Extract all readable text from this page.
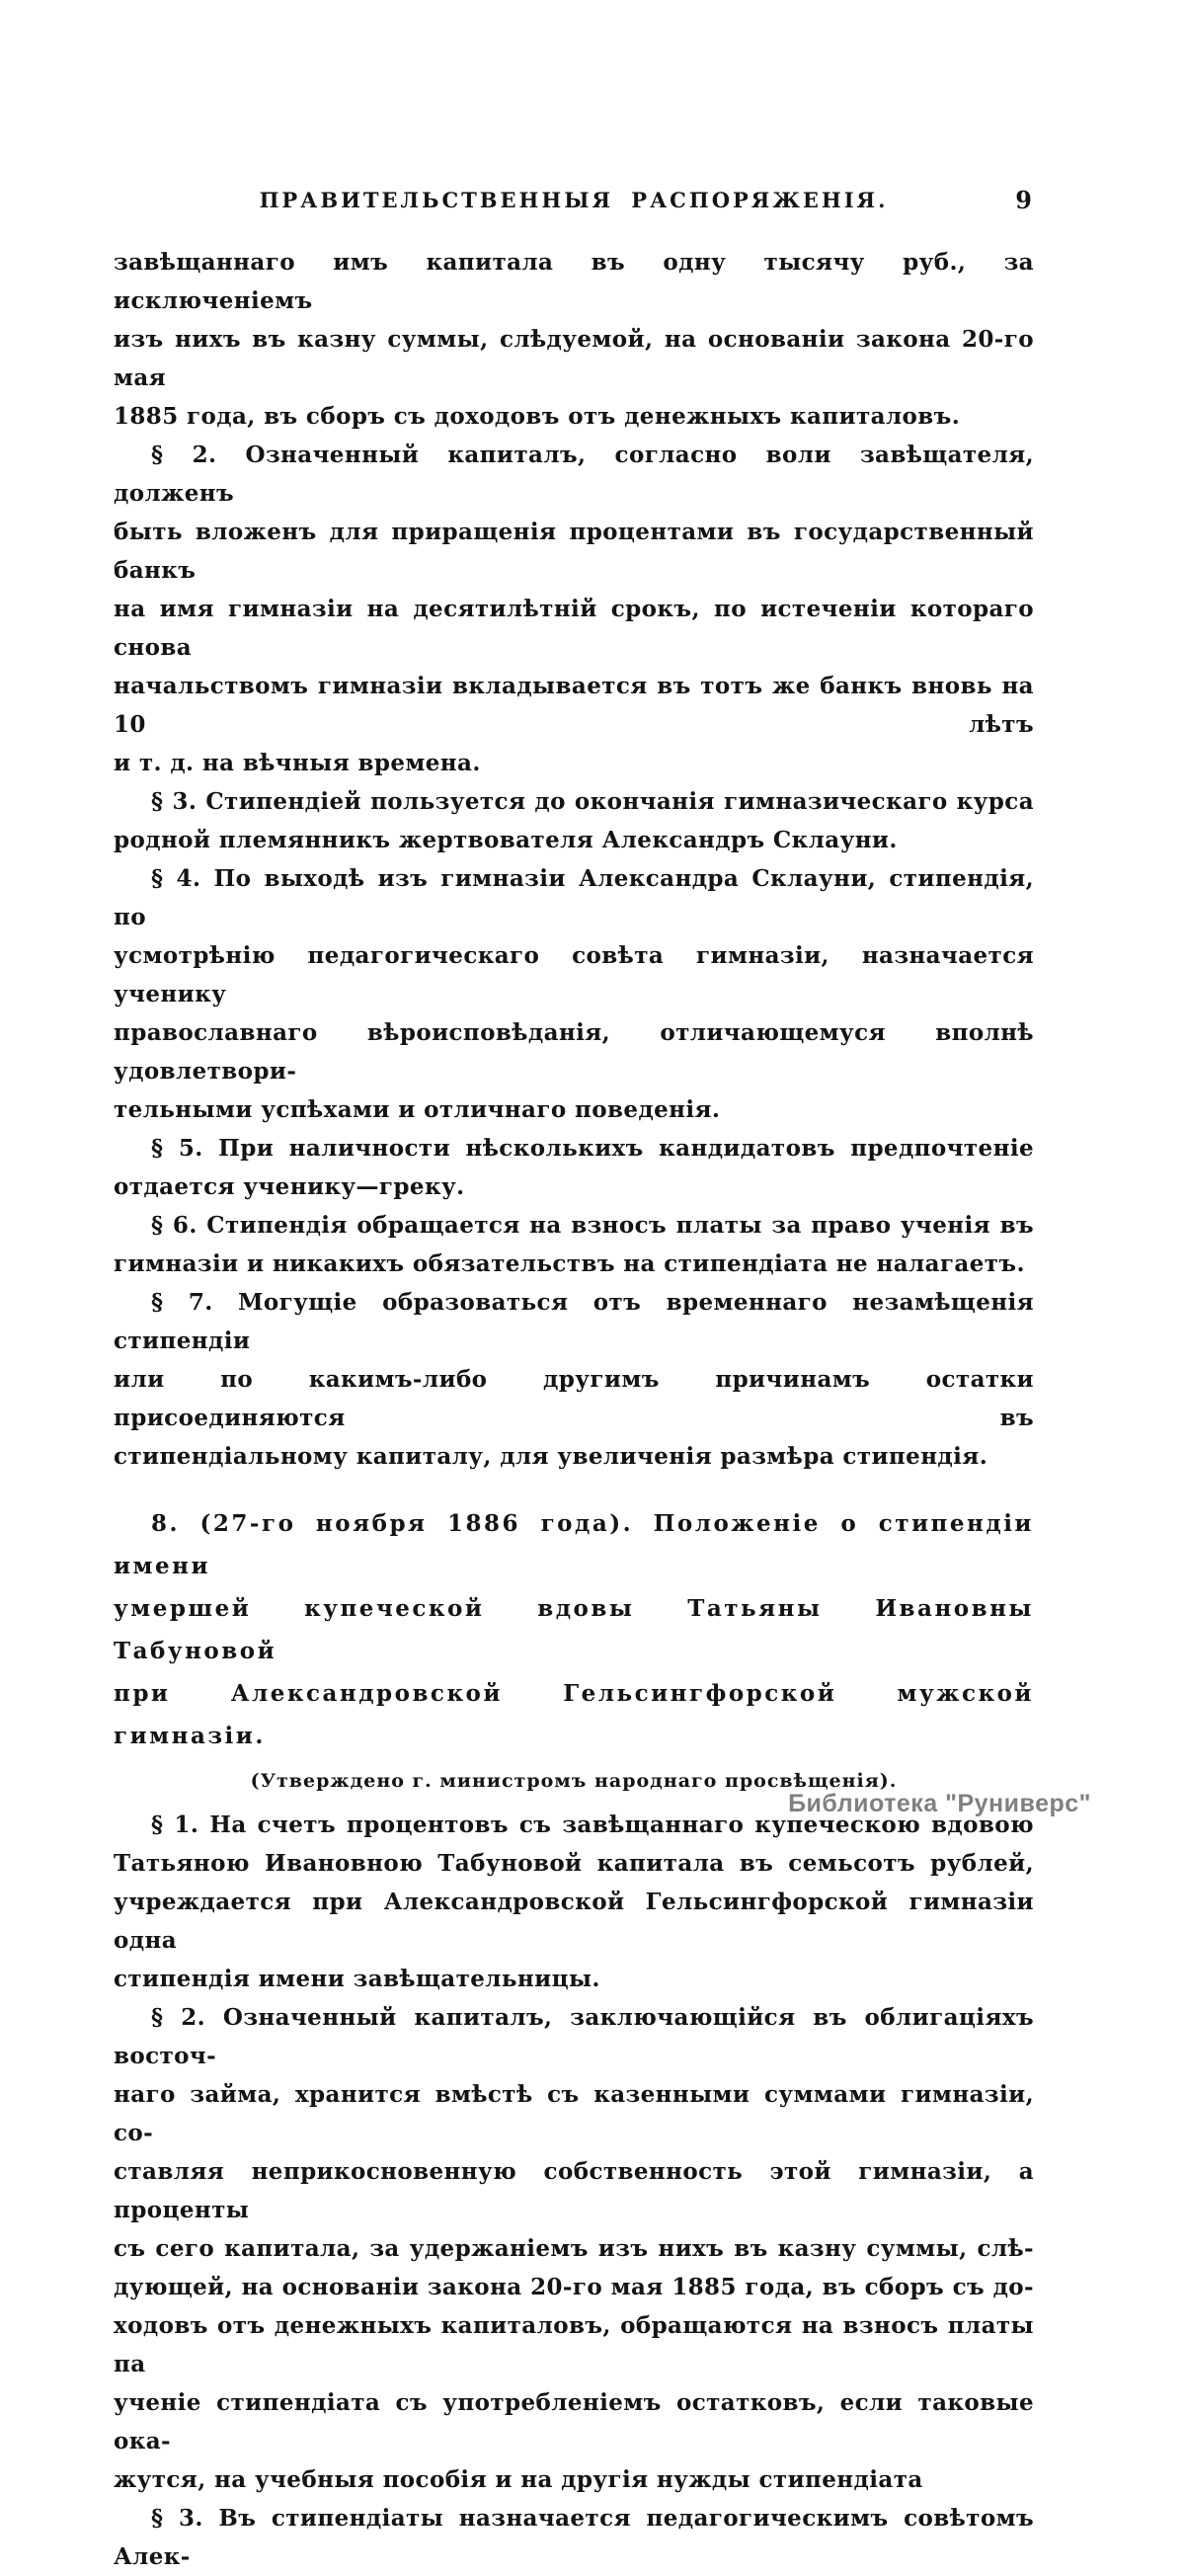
ПРАВИТЕЛЬСТВЕННЫЯ РАСПОРЯЖЕНІЯ.	9
завѣщаннаго имъ капитала въ одну тысячу руб., за исключеніемъ
изъ нихъ въ казну суммы, слѣдуемой, на основаніи закона 20-го мая
1885 года, въ сборъ съ доходовъ отъ денежныхъ капиталовъ.
§ 2. Означенный капиталъ, согласно воли завѣщателя, долженъ
быть вложенъ для приращенія процентами въ государственный банкъ
на имя гимназіи на десятилѣтній срокъ, по истеченіи котораго снова
начальствомъ гимназіи вкладывается въ тотъ же банкъ вновь на 10 лѣтъ
и т. д. на вѣчныя времена.
§ 3. Стипендіей пользуется до окончанія гимназическаго курса
родной племянникъ жертвователя Александръ Склауни.
§ 4. По выходѣ изъ гимназіи Александра Склауни, стипендія, по
усмотрѣнію педагогическаго совѣта гимназіи, назначается ученику
православнаго вѣроисповѣданія, отличающемуся вполнѣ удовлетвори-
тельными успѣхами и отличнаго поведенія.
§ 5. При наличности нѣсколькихъ кандидатовъ предпочтеніе
отдается ученику—греку.
§ 6. Стипендія обращается на взносъ платы за право ученія въ
гимназіи и никакихъ обязательствъ на стипендіата не налагаетъ.
§ 7. Могущіе образоваться отъ временнаго незамѣщенія стипендіи
или по какимъ-либо другимъ причинамъ остатки присоединяются въ
стипендіальному капиталу, для увеличенія размѣра стипендія.
8. (27-го ноября 1886 года). Положеніе о стипендіи имени
умершей купеческой вдовы Татьяны Ивановны Табуновой
при Александровской Гельсингфорской мужской гимназіи.
(Утверждено г. министромъ народнаго просвѣщенія).
§ 1. На счетъ процентовъ съ завѣщаннаго купеческою вдовою
Татьяною Ивановною Табуновой капитала въ семьсотъ рублей,
учреждается при Александровской Гельсингфорской гимназіи одна
стипендія имени завѣщательницы.
§ 2. Означенный капиталъ, заключающійся въ облигаціяхъ восточ-
наго займа, хранится вмѣстѣ съ казенными суммами гимназіи, со-
ставляя неприкосновенную собственность этой гимназіи, а проценты
съ сего капитала, за удержаніемъ изъ нихъ въ казну суммы, слѣ-
дующей, на основаніи закона 20-го мая 1885 года, въ сборъ съ до-
ходовъ отъ денежныхъ капиталовъ, обращаются на взносъ платы па
ученіе стипендіата съ употребленіемъ остатковъ, если таковые ока-
жутся, на учебныя пособія и на другія нужды стипендіата
§ 3. Въ стипендіаты назначается педагогическимъ совѣтомъ Алек-
Библиотека "Руниверс"
